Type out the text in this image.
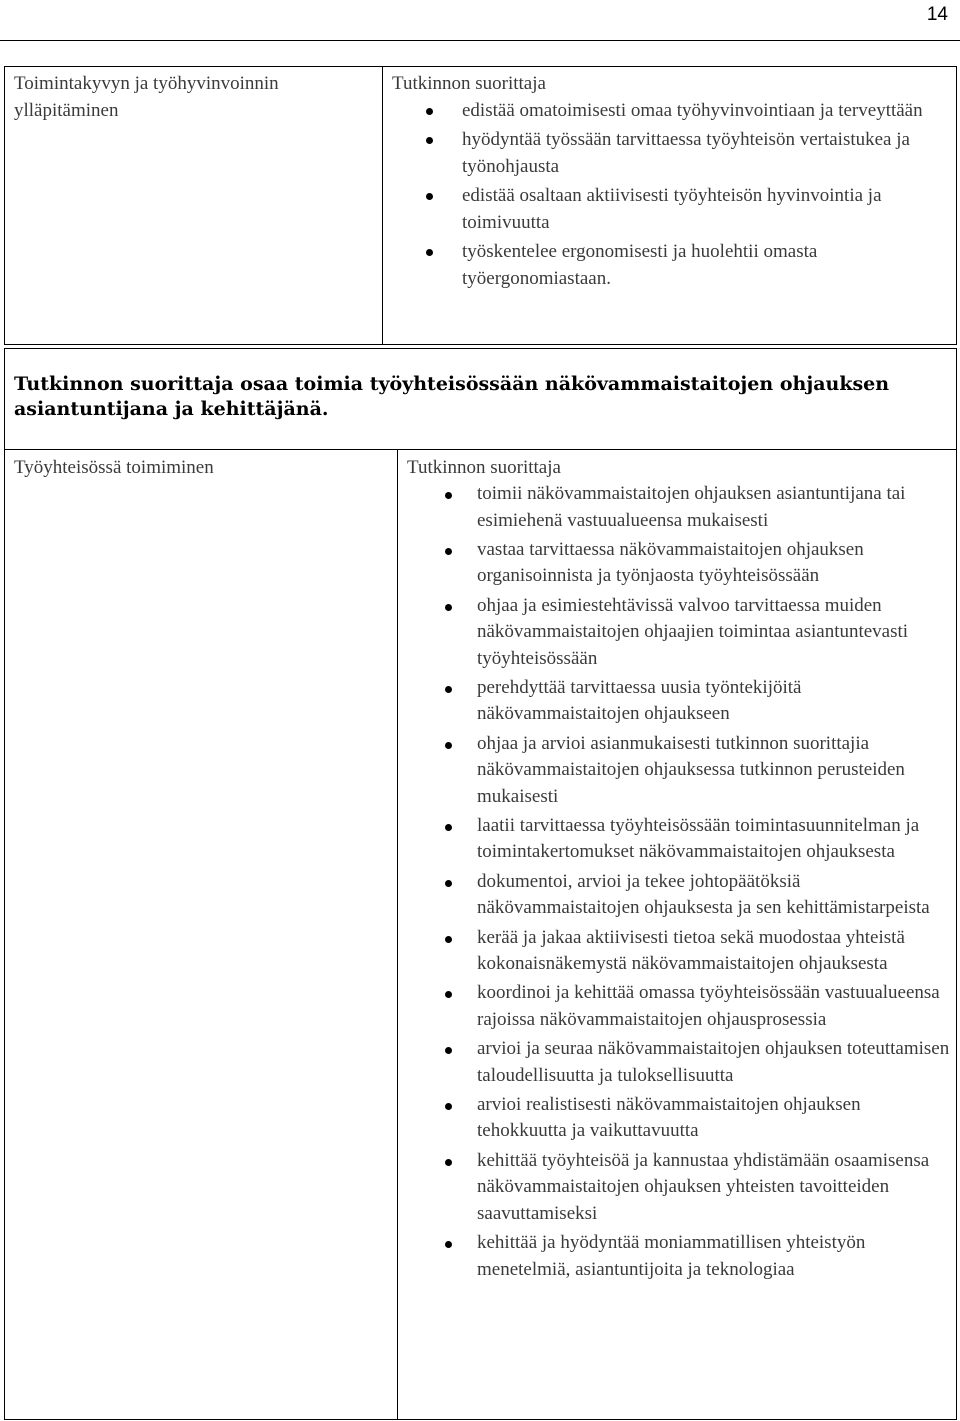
14
Toimintakyvyn ja työhyvinvoinnin ylläpitäminen
Tutkinnon suorittaja
edistää omatoimisesti omaa työhyvinvointiaan ja terveyttään
hyödyntää työssään tarvittaessa työyhteisön vertaistukea ja työnohjausta
edistää osaltaan aktiivisesti työyhteisön hyvinvointia ja toimivuutta
työskentelee ergonomisesti ja huolehtii omasta työergonomiastaan.
Tutkinnon suorittaja osaa toimia työyhteisössään näkövammaistaitojen ohjauksen asiantuntijana ja kehittäjänä.
Työyhteisössä toimiminen	Tutkinnon suorittaja
toimii näkövammaistaitojen ohjauksen asiantuntijana tai esimiehenä vastuualueensa mukaisesti
vastaa tarvittaessa näkövammaistaitojen ohjauksen organisoinnista ja työnjaosta työyhteisössään
ohjaa ja esimiestehtävissä valvoo tarvittaessa muiden näkövammaistaitojen ohjaajien toimintaa asiantuntevasti työyhteisössään
perehdyttää tarvittaessa uusia työntekijöitä näkövammaistaitojen ohjaukseen
ohjaa ja arvioi asianmukaisesti tutkinnon suorittajia näkövammaistaitojen ohjauksessa tutkinnon perusteiden mukaisesti
laatii tarvittaessa työyhteisössään toimintasuunnitelman ja toimintakertomukset näkövammaistaitojen ohjauksesta
dokumentoi, arvioi ja tekee johtopäätöksiä näkövammaistaitojen ohjauksesta ja sen kehittämistarpeista
kerää ja jakaa aktiivisesti tietoa sekä muodostaa yhteistä kokonaisnäkemystä näkövammaistaitojen ohjauksesta
koordinoi ja kehittää omassa työyhteisössään vastuualueensa rajoissa näkövammaistaitojen ohjausprosessia
arvioi ja seuraa näkövammaistaitojen ohjauksen toteuttamisen taloudellisuutta ja tuloksellisuutta
arvioi realistisesti näkövammaistaitojen ohjauksen tehokkuutta ja vaikuttavuutta
kehittää työyhteisöä ja kannustaa yhdistämään osaamisensa näkövammaistaitojen ohjauksen yhteisten tavoitteiden saavuttamiseksi
kehittää ja hyödyntää moniammatillisen yhteistyön menetelmiä, asiantuntijoita ja teknologiaa
